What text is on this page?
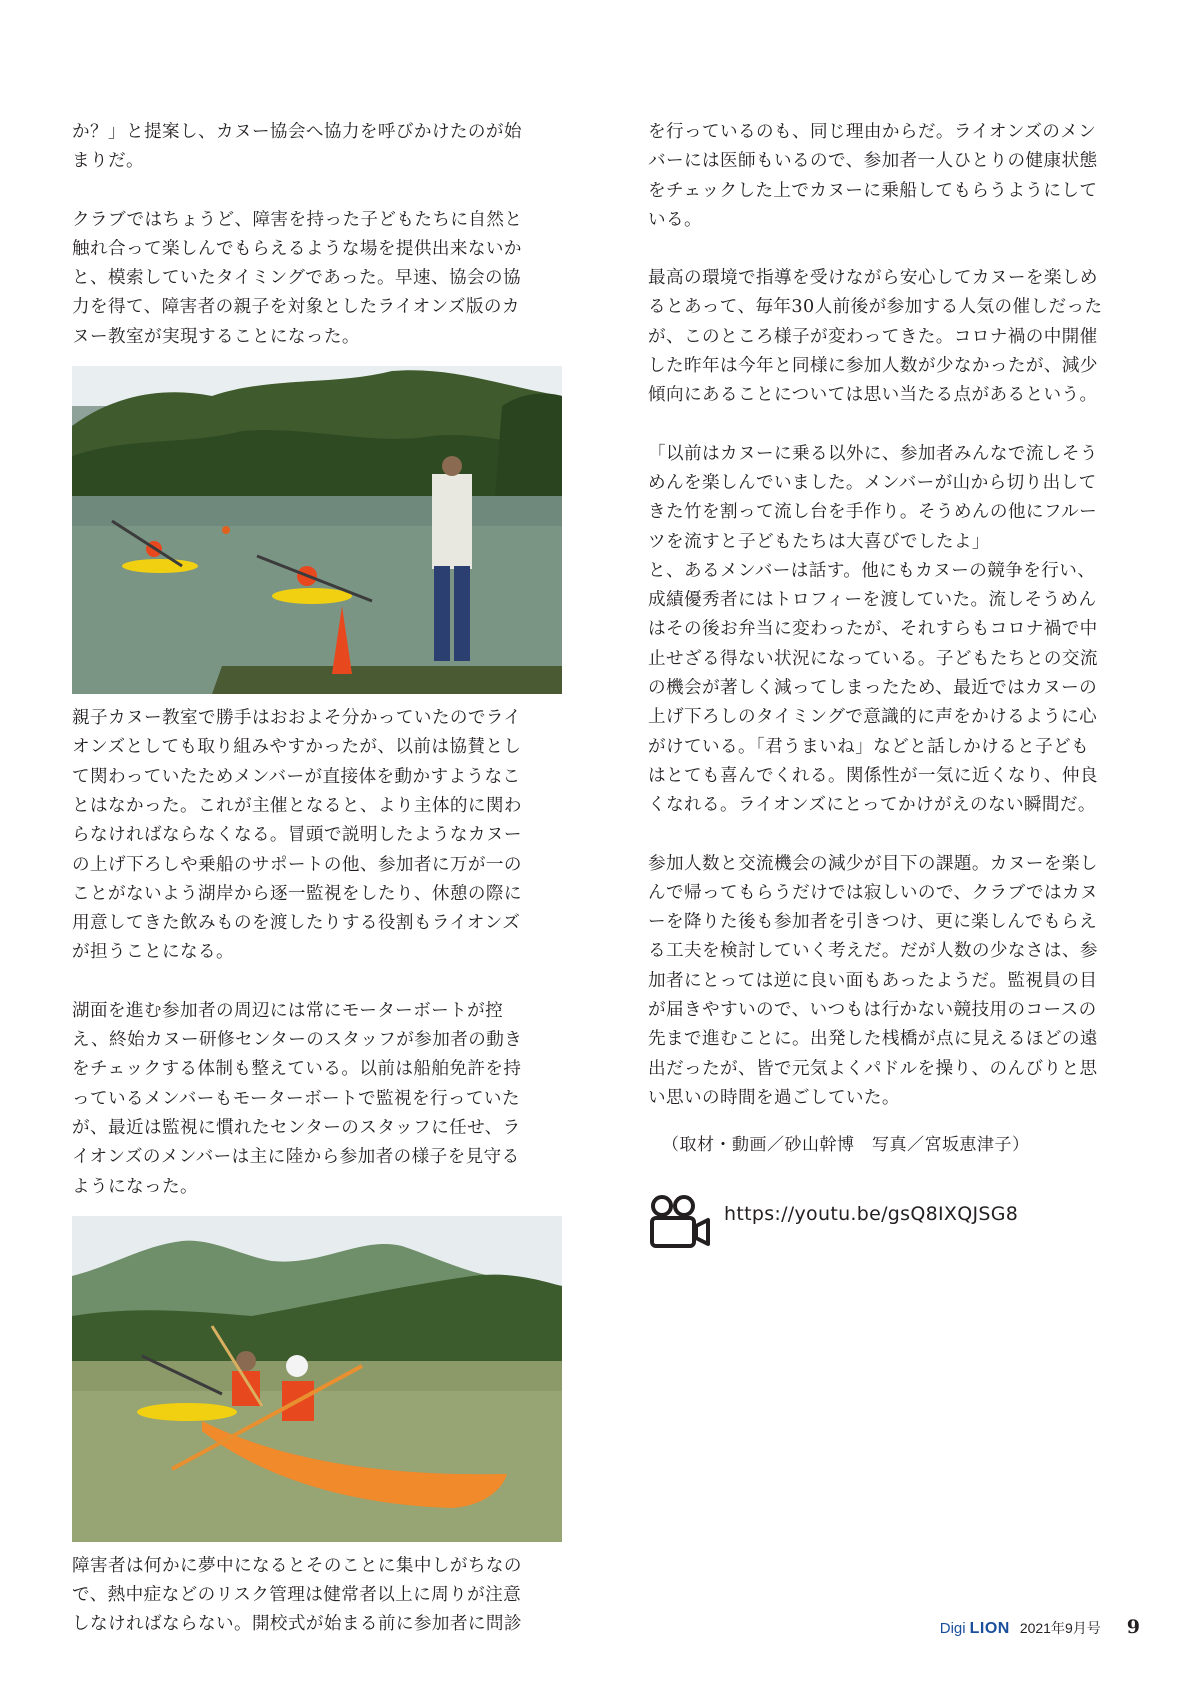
か？」と提案し、カヌー協会へ協力を呼びかけたのが始
まりだ。

クラブではちょうど、障害を持った子どもたちに自然と
触れ合って楽しんでもらえるような場を提供出来ないか
と、模索していたタイミングであった。早速、協会の協
力を得て、障害者の親子を対象としたライオンズ版のカ
ヌー教室が実現することになった。

親子カヌー教室で勝手はおおよそ分かっていたのでライ
オンズとしても取り組みやすかったが、以前は協賛とし
て関わっていたためメンバーが直接体を動かすようなこ
とはなかった。これが主催となると、より主体的に関わ
らなければならなくなる。冒頭で説明したようなカヌー
の上げ下ろしや乗船のサポートの他、参加者に万が一の
ことがないよう湖岸から逐一監視をしたり、休憩の際に
用意してきた飲みものを渡したりする役割もライオンズ
が担うことになる。

湖面を進む参加者の周辺には常にモーターボートが控
え、終始カヌー研修センターのスタッフが参加者の動き
をチェックする体制も整えている。以前は船舶免許を持
っているメンバーもモーターボートで監視を行っていた
が、最近は監視に慣れたセンターのスタッフに任せ、ラ
イオンズのメンバーは主に陸から参加者の様子を見守る
ようになった。

障害者は何かに夢中になるとそのことに集中しがちなの
で、熱中症などのリスク管理は健常者以上に周りが注意
しなければならない。開校式が始まる前に参加者に問診

を行っているのも、同じ理由からだ。ライオンズのメン
バーには医師もいるので、参加者一人ひとりの健康状態
をチェックした上でカヌーに乗船してもらうようにして
いる。

最高の環境で指導を受けながら安心してカヌーを楽しめ
るとあって、毎年30人前後が参加する人気の催しだった
が、このところ様子が変わってきた。コロナ禍の中開催
した昨年は今年と同様に参加人数が少なかったが、減少
傾向にあることについては思い当たる点があるという。

「以前はカヌーに乗る以外に、参加者みんなで流しそう
めんを楽しんでいました。メンバーが山から切り出して
きた竹を割って流し台を手作り。そうめんの他にフルー
ツを流すと子どもたちは大喜びでしたよ」
と、あるメンバーは話す。他にもカヌーの競争を行い、
成績優秀者にはトロフィーを渡していた。流しそうめん
はその後お弁当に変わったが、それすらもコロナ禍で中
止せざる得ない状況になっている。子どもたちとの交流
の機会が著しく減ってしまったため、最近ではカヌーの
上げ下ろしのタイミングで意識的に声をかけるように心
がけている。「君うまいね」などと話しかけると子ども
はとても喜んでくれる。関係性が一気に近くなり、仲良
くなれる。ライオンズにとってかけがえのない瞬間だ。

参加人数と交流機会の減少が目下の課題。カヌーを楽し
んで帰ってもらうだけでは寂しいので、クラブではカヌ
ーを降りた後も参加者を引きつけ、更に楽しんでもらえ
る工夫を検討していく考えだ。だが人数の少なさは、参
加者にとっては逆に良い面もあったようだ。監視員の目
が届きやすいので、いつもは行かない競技用のコースの
先まで進むことに。出発した桟橋が点に見えるほどの遠
出だったが、皆で元気よくパドルを操り、のんびりと思
い思いの時間を過ごしていた。

（取材・動画／砂山幹博　写真／宮坂恵津子）
https://youtu.be/gsQ8IXQJSG8
Digi LION 2021年9月号 9
